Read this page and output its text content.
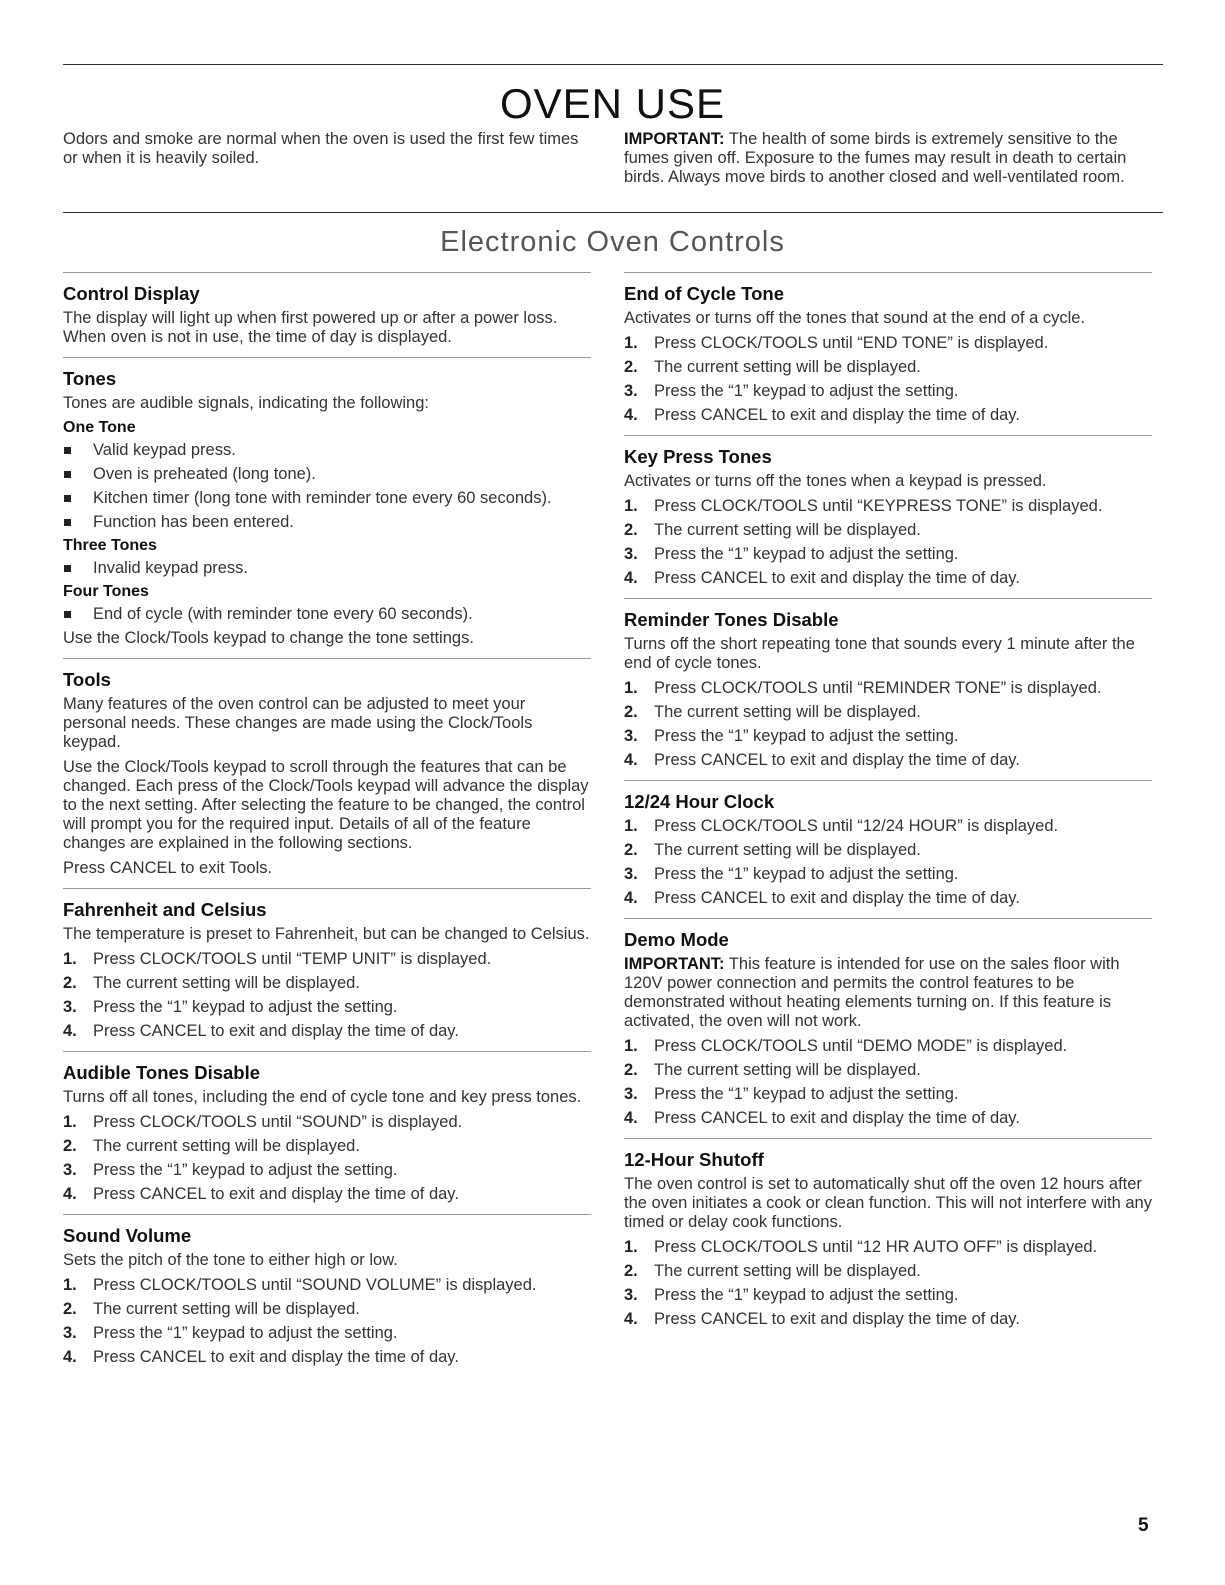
OVEN USE
Odors and smoke are normal when the oven is used the first few times or when it is heavily soiled.
IMPORTANT: The health of some birds is extremely sensitive to the fumes given off. Exposure to the fumes may result in death to certain birds. Always move birds to another closed and well-ventilated room.
Electronic Oven Controls
Control Display

The display will light up when first powered up or after a power loss. When oven is not in use, the time of day is displayed.

Tones

Tones are audible signals, indicating the following:

One Tone
Valid keypad press.
Oven is preheated (long tone).
Kitchen timer (long tone with reminder tone every 60 seconds).
Function has been entered.
Three Tones
Invalid keypad press.
Four Tones
End of cycle (with reminder tone every 60 seconds).

Use the Clock/Tools keypad to change the tone settings.

Tools

Many features of the oven control can be adjusted to meet your personal needs. These changes are made using the Clock/Tools keypad.

Use the Clock/Tools keypad to scroll through the features that can be changed. Each press of the Clock/Tools keypad will advance the display to the next setting. After selecting the feature to be changed, the control will prompt you for the required input. Details of all of the feature changes are explained in the following sections.

Press CANCEL to exit Tools.

Fahrenheit and Celsius

The temperature is preset to Fahrenheit, but can be changed to Celsius.

1. Press CLOCK/TOOLS until “TEMP UNIT” is displayed.
2. The current setting will be displayed.
3. Press the “1” keypad to adjust the setting.
4. Press CANCEL to exit and display the time of day.
Audible Tones Disable

Turns off all tones, including the end of cycle tone and key press tones.

1. Press CLOCK/TOOLS until “SOUND” is displayed.
2. The current setting will be displayed.
3. Press the “1” keypad to adjust the setting.
4. Press CANCEL to exit and display the time of day.
Sound Volume

Sets the pitch of the tone to either high or low.

1. Press CLOCK/TOOLS until “SOUND VOLUME” is displayed.
2. The current setting will be displayed.
3. Press the “1” keypad to adjust the setting.
4. Press CANCEL to exit and display the time of day.
End of Cycle Tone

Activates or turns off the tones that sound at the end of a cycle.

1. Press CLOCK/TOOLS until “END TONE” is displayed.
2. The current setting will be displayed.
3. Press the “1” keypad to adjust the setting.
4. Press CANCEL to exit and display the time of day.
Key Press Tones

Activates or turns off the tones when a keypad is pressed.

1. Press CLOCK/TOOLS until “KEYPRESS TONE” is displayed.
2. The current setting will be displayed.
3. Press the “1” keypad to adjust the setting.
4. Press CANCEL to exit and display the time of day.
Reminder Tones Disable

Turns off the short repeating tone that sounds every 1 minute after the end of cycle tones.

1. Press CLOCK/TOOLS until “REMINDER TONE” is displayed.
2. The current setting will be displayed.
3. Press the “1” keypad to adjust the setting.
4. Press CANCEL to exit and display the time of day.
12/24 Hour Clock
1. Press CLOCK/TOOLS until “12/24 HOUR” is displayed.
2. The current setting will be displayed.
3. Press the “1” keypad to adjust the setting.
4. Press CANCEL to exit and display the time of day.
Demo Mode

IMPORTANT: This feature is intended for use on the sales floor with 120V power connection and permits the control features to be demonstrated without heating elements turning on. If this feature is activated, the oven will not work.

1. Press CLOCK/TOOLS until “DEMO MODE” is displayed.
2. The current setting will be displayed.
3. Press the “1” keypad to adjust the setting.
4. Press CANCEL to exit and display the time of day.
12-Hour Shutoff

The oven control is set to automatically shut off the oven 12 hours after the oven initiates a cook or clean function. This will not interfere with any timed or delay cook functions.

1. Press CLOCK/TOOLS until “12 HR AUTO OFF” is displayed.
2. The current setting will be displayed.
3. Press the “1” keypad to adjust the setting.
4. Press CANCEL to exit and display the time of day.
5
